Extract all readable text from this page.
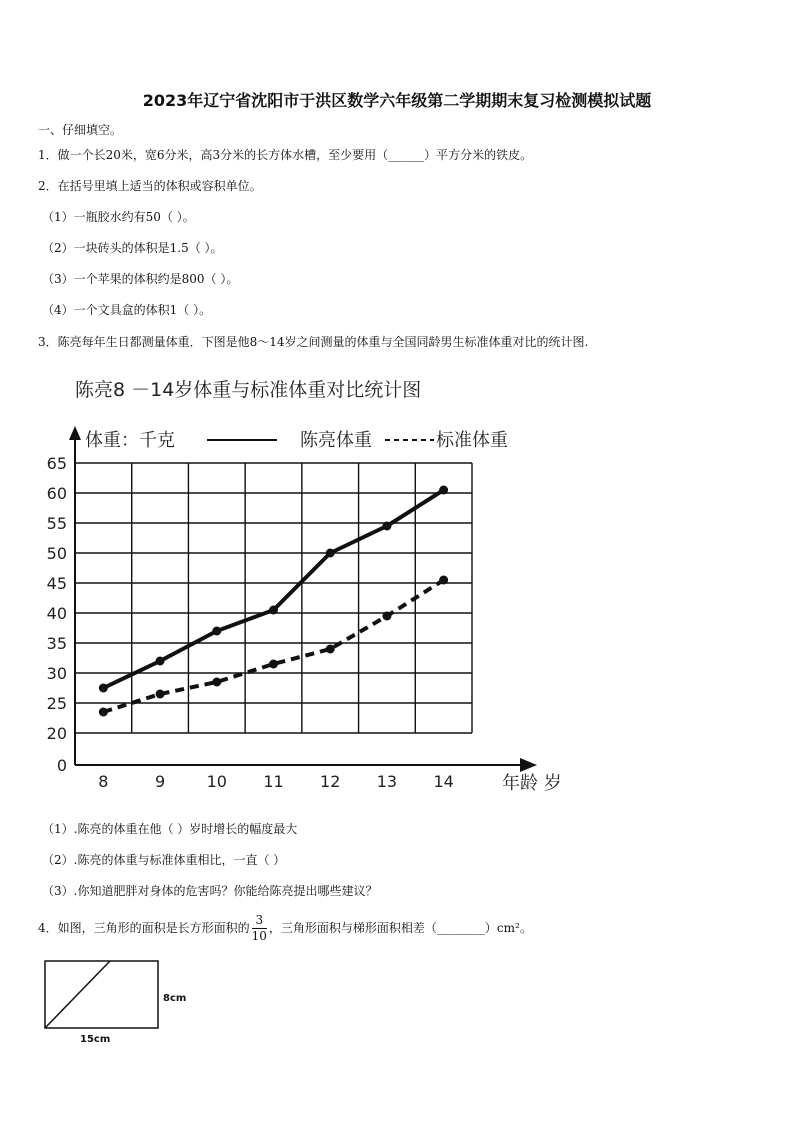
2023年辽宁省沈阳市于洪区数学六年级第二学期期末复习检测模拟试题
一、仔细填空。
1．做一个长20米，宽6分米，高3分米的长方体水槽，至少要用（______）平方分米的铁皮。
2．在括号里填上适当的体积或容积单位。
（1）一瓶胶水约有50（ ）。
（2）一块砖头的体积是1.5（ ）。
（3）一个苹果的体积约是800（ ）。
（4）一个文具盒的体积1（ ）。
3．陈亮每年生日都测量体重．下图是他8～14岁之间测量的体重与全国同龄男生标准体重对比的统计图.
陈亮8 －14岁体重与标准体重对比统计图
体重：千克	陈亮体重	标准体重
年龄 岁
0
20
25
30
35
40
45
50
55
60
65
8	9	10 11 12 13 14
（1）.陈亮的体重在他（ ）岁时增长的幅度最大
（2）.陈亮的体重与标准体重相比，一直（ ）
（3）.你知道肥胖对身体的危害吗？你能给陈亮提出哪些建议？
4．如图，三角形的面积是长方形面积的 $\frac{3}{10}$ ，三角形面积与梯形面积相差（________）cm²。
8cm
15cm
